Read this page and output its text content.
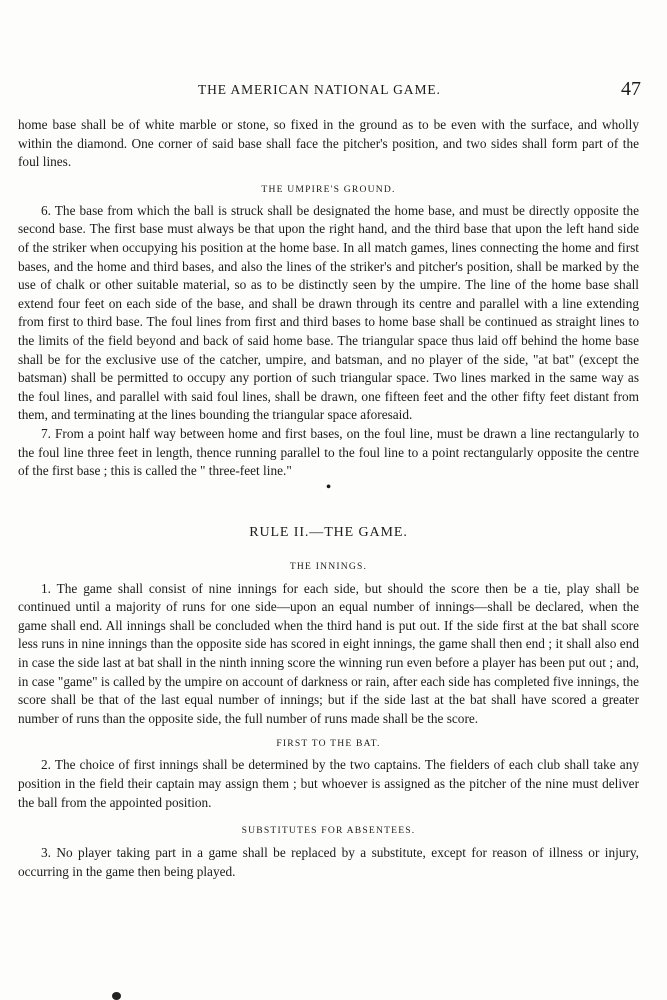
THE AMERICAN NATIONAL GAME.	47

home base shall be of white marble or stone, so fixed in the ground as to be even with the surface, and wholly within the diamond. One corner of said base shall face the pitcher's position, and two sides shall form part of the foul lines.

THE UMPIRE'S GROUND.

6. The base from which the ball is struck shall be designated the home base, and must be directly opposite the second base. The first base must always be that upon the right hand, and the third base that upon the left hand side of the striker when occupying his position at the home base. In all match games, lines connecting the home and first bases, and the home and third bases, and also the lines of the striker's and pitcher's position, shall be marked by the use of chalk or other suitable material, so as to be distinctly seen by the umpire. The line of the home base shall extend four feet on each side of the base, and shall be drawn through its centre and parallel with a line extending from first to third base. The foul lines from first and third bases to home base shall be continued as straight lines to the limits of the field beyond and back of said home base. The triangular space thus laid off behind the home base shall be for the exclusive use of the catcher, umpire, and batsman, and no player of the side, "at bat" (except the batsman) shall be permitted to occupy any portion of such triangular space. Two lines marked in the same way as the foul lines, and parallel with said foul lines, shall be drawn, one fifteen feet and the other fifty feet distant from them, and terminating at the lines bounding the triangular space aforesaid.

7. From a point half way between home and first bases, on the foul line, must be drawn a line rectangularly to the foul line three feet in length, thence running parallel to the foul line to a point rectangularly opposite the centre of the first base ; this is called the " three-feet line."

•
RULE II.—THE GAME.
THE INNINGS.

1. The game shall consist of nine innings for each side, but should the score then be a tie, play shall be continued until a majority of runs for one side—upon an equal number of innings—shall be declared, when the game shall end. All innings shall be concluded when the third hand is put out. If the side first at the bat shall score less runs in nine innings than the opposite side has scored in eight innings, the game shall then end ; it shall also end in case the side last at bat shall in the ninth inning score the winning run even before a player has been put out ; and, in case "game" is called by the umpire on account of darkness or rain, after each side has completed five innings, the score shall be that of the last equal number of innings; but if the side last at the bat shall have scored a greater number of runs than the opposite side, the full number of runs made shall be the score.

FIRST TO THE BAT.

2. The choice of first innings shall be determined by the two captains. The fielders of each club shall take any position in the field their captain may assign them ; but whoever is assigned as the pitcher of the nine must deliver the ball from the appointed position.

SUBSTITUTES FOR ABSENTEES.

3. No player taking part in a game shall be replaced by a substitute, except for reason of illness or injury, occurring in the game then being played.
